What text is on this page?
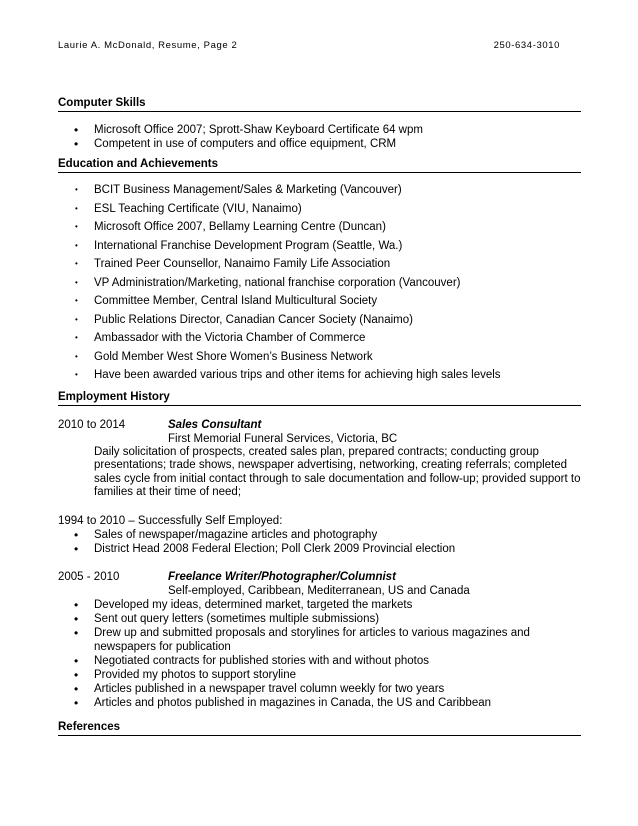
Laurie A. McDonald, Resume, Page 2	250-634-3010
Computer Skills
• Microsoft Office 2007; Sprott-Shaw Keyboard Certificate 64 wpm
• Competent in use of computers and office equipment, CRM
Education and Achievements
• BCIT Business Management/Sales & Marketing (Vancouver)
• ESL Teaching Certificate (VIU, Nanaimo)
• Microsoft Office 2007, Bellamy Learning Centre (Duncan)
• International Franchise Development Program (Seattle, Wa.)
• Trained Peer Counsellor, Nanaimo Family Life Association
• VP Administration/Marketing, national franchise corporation (Vancouver)
• Committee Member, Central Island Multicultural Society
• Public Relations Director, Canadian Cancer Society (Nanaimo)
• Ambassador with the Victoria Chamber of Commerce
• Gold Member West Shore Women’s Business Network
• Have been awarded various trips and other items for achieving high sales levels
Employment History
2010 to 2014	Sales Consultant
First Memorial Funeral Services, Victoria, BC
Daily solicitation of prospects, created sales plan, prepared contracts; conducting group presentations; trade shows, newspaper advertising, networking, creating referrals; completed sales cycle from initial contact through to sale documentation and follow-up; provided support to families at their time of need;
1994 to 2010 – Successfully Self Employed:
• Sales of newspaper/magazine articles and photography
• District Head 2008 Federal Election; Poll Clerk 2009 Provincial election
2005 - 2010	Freelance Writer/Photographer/Columnist
Self-employed, Caribbean, Mediterranean, US and Canada
• Developed my ideas, determined market, targeted the markets
• Sent out query letters (sometimes multiple submissions)
• Drew up and submitted proposals and storylines for articles to various magazines and newspapers for publication
• Negotiated contracts for published stories with and without photos
• Provided my photos to support storyline
• Articles published in a newspaper travel column weekly for two years
• Articles and photos published in magazines in Canada, the US and Caribbean
References
